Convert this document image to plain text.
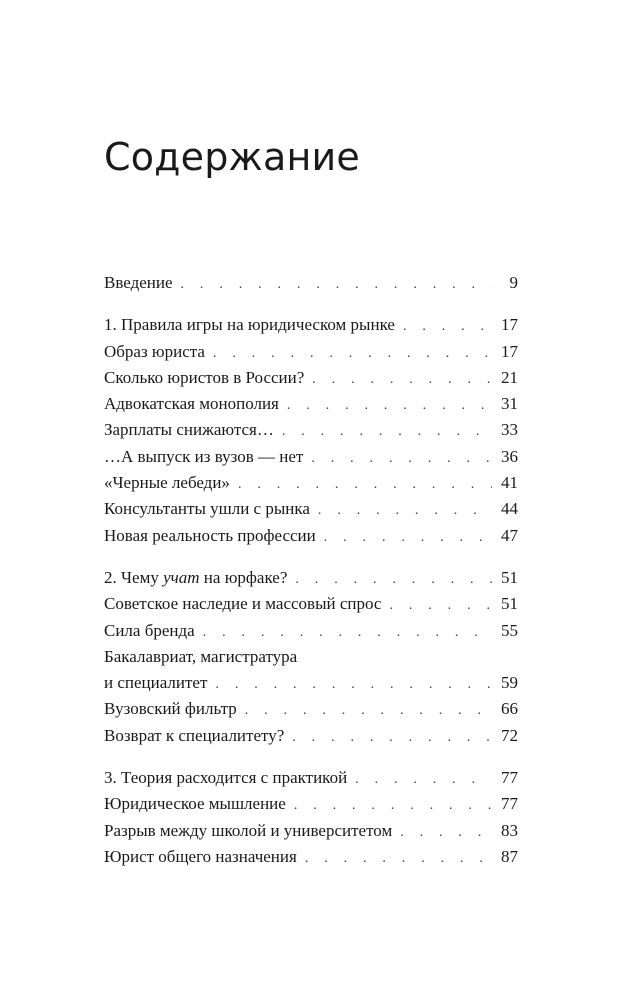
Содержание
Введение . . .	9
1. Правила игры на юридическом рынке . . .	17
Образ юриста . . .	17
Сколько юристов в России? . . .	21
Адвокатская монополия . . .	31
Зарплаты снижаются… . . .	33
…А выпуск из вузов — нет . . .	36
«Черные лебеди» . . .	41
Консультанты ушли с рынка . . .	44
Новая реальность профессии . . .	47
2. Чему учат на юрфаке? . . .	51
Советское наследие и массовый спрос . . .	51
Сила бренда . . .	55
Бакалавриат, магистратура
и специалитет . . .	59
Вузовский фильтр . . .	66
Возврат к специалитету? . . .	72
3. Теория расходится с практикой . . .	77
Юридическое мышление . . .	77
Разрыв между школой и университетом . . .	83
Юрист общего назначения . . .	87
